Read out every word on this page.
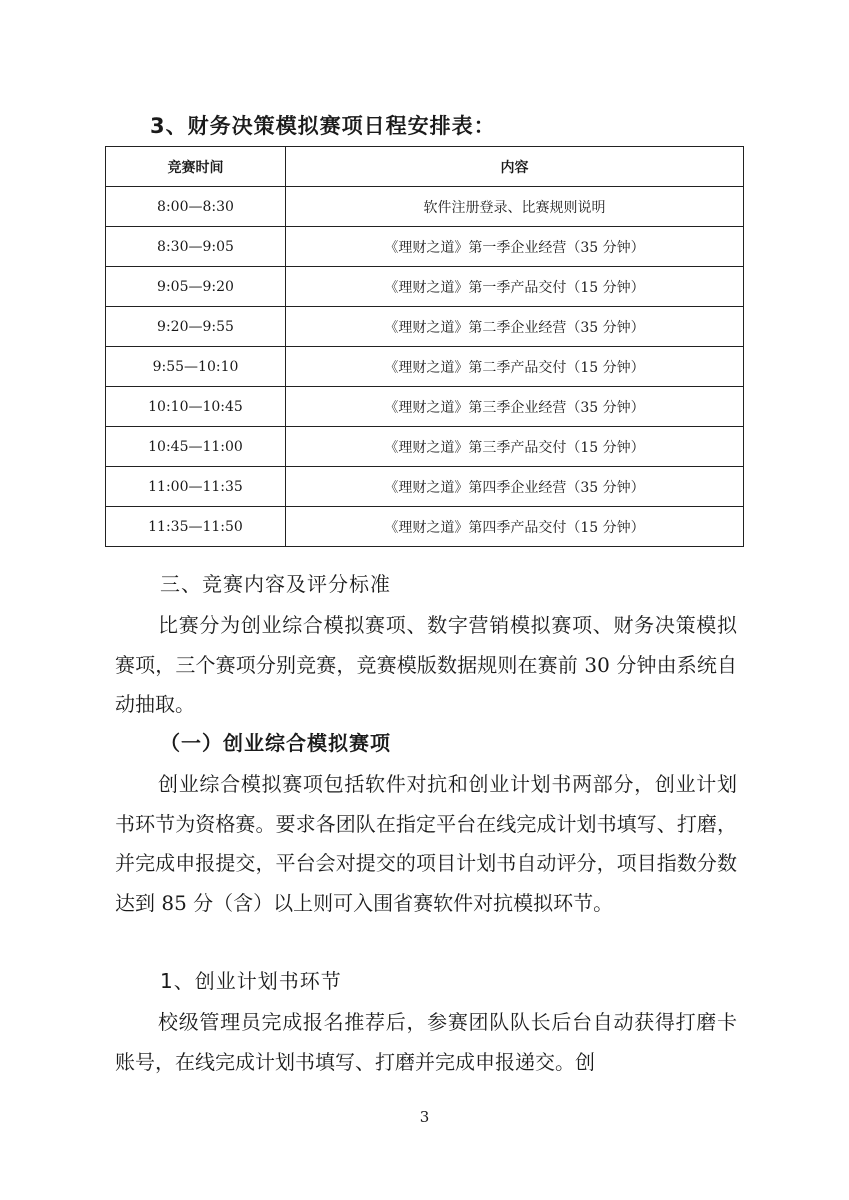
3、财务决策模拟赛项日程安排表：
竞赛时间	内容
8:00—8:30	软件注册登录、比赛规则说明
8:30—9:05	《理财之道》第一季企业经营（35 分钟）
9:05—9:20	《理财之道》第一季产品交付（15 分钟）
9:20—9:55	《理财之道》第二季企业经营（35 分钟）
9:55—10:10	《理财之道》第二季产品交付（15 分钟）
10:10—10:45	《理财之道》第三季企业经营（35 分钟）
10:45—11:00	《理财之道》第三季产品交付（15 分钟）
11:00—11:35	《理财之道》第四季企业经营（35 分钟）
11:35—11:50	《理财之道》第四季产品交付（15 分钟）
三、竞赛内容及评分标准

比赛分为创业综合模拟赛项、数字营销模拟赛项、财务决策模拟赛项，三个赛项分别竞赛，竞赛模版数据规则在赛前 30 分钟由系统自动抽取。

（一）创业综合模拟赛项

创业综合模拟赛项包括软件对抗和创业计划书两部分，创业计划书环节为资格赛。要求各团队在指定平台在线完成计划书填写、打磨，并完成申报提交，平台会对提交的项目计划书自动评分，项目指数分数达到 85 分（含）以上则可入围省赛软件对抗模拟环节。

1、创业计划书环节

校级管理员完成报名推荐后，参赛团队队长后台自动获得打磨卡账号，在线完成计划书填写、打磨并完成申报递交。创

3
